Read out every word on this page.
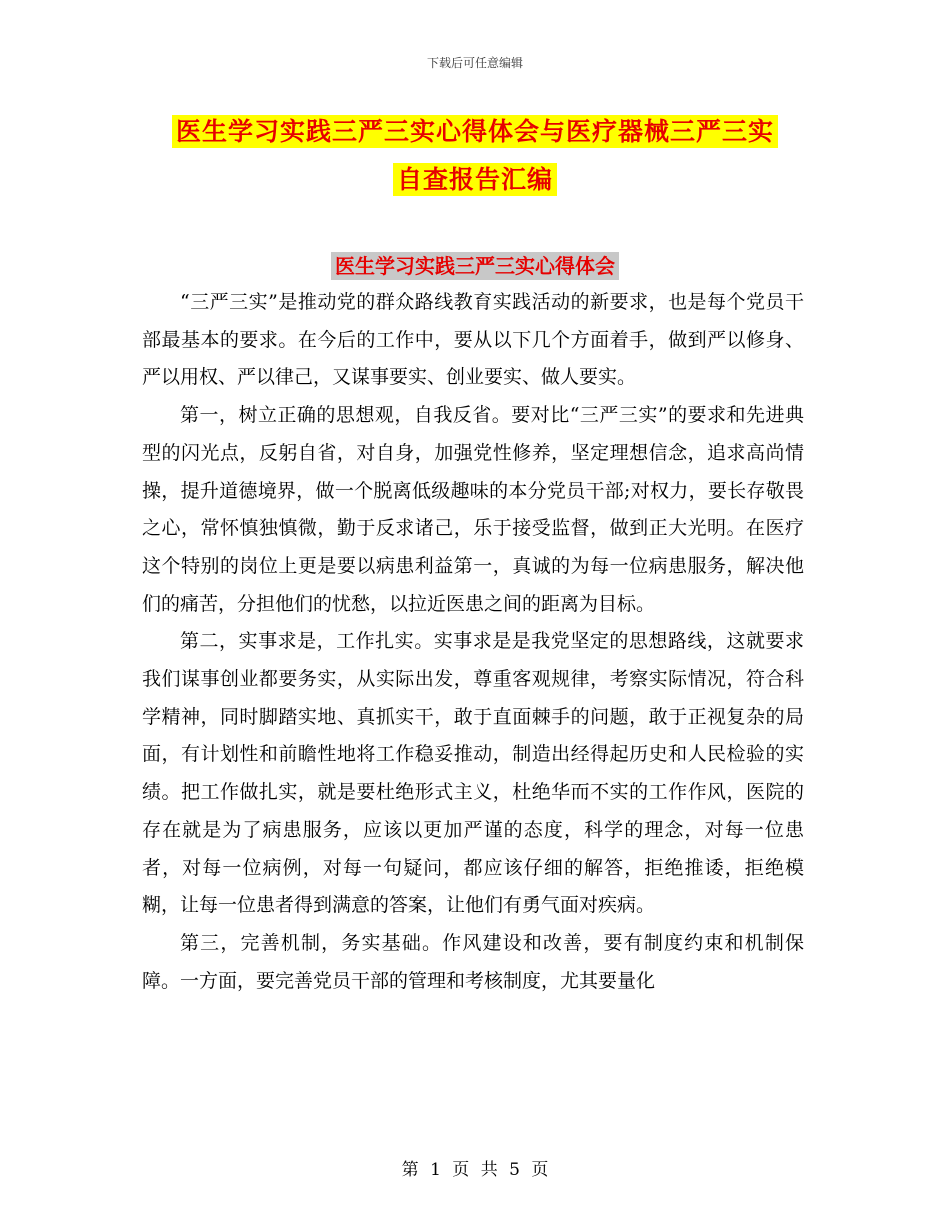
下载后可任意编辑
医生学习实践三严三实心得体会与医疗器械三严三实
自查报告汇编
医生学习实践三严三实心得体会

“三严三实”是推动党的群众路线教育实践活动的新要求，也是每个党员干部最基本的要求。在今后的工作中，要从以下几个方面着手，做到严以修身、严以用权、严以律己，又谋事要实、创业要实、做人要实。

第一，树立正确的思想观，自我反省。要对比“三严三实”的要求和先进典型的闪光点，反躬自省，对自身，加强党性修养，坚定理想信念，追求高尚情操，提升道德境界，做一个脱离低级趣味的本分党员干部;对权力，要长存敬畏之心，常怀慎独慎微，勤于反求诸己，乐于接受监督，做到正大光明。在医疗这个特别的岗位上更是要以病患利益第一，真诚的为每一位病患服务，解决他们的痛苦，分担他们的忧愁，以拉近医患之间的距离为目标。

第二，实事求是，工作扎实。实事求是是我党坚定的思想路线，这就要求我们谋事创业都要务实，从实际出发，尊重客观规律，考察实际情况，符合科学精神，同时脚踏实地、真抓实干，敢于直面棘手的问题，敢于正视复杂的局面，有计划性和前瞻性地将工作稳妥推动，制造出经得起历史和人民检验的实绩。把工作做扎实，就是要杜绝形式主义，杜绝华而不实的工作作风，医院的存在就是为了病患服务，应该以更加严谨的态度，科学的理念，对每一位患者，对每一位病例，对每一句疑问，都应该仔细的解答，拒绝推诿，拒绝模糊，让每一位患者得到满意的答案，让他们有勇气面对疾病。

第三，完善机制，务实基础。作风建设和改善，要有制度约束和机制保障。一方面，要完善党员干部的管理和考核制度，尤其要量化

第 1 页 共 5 页
